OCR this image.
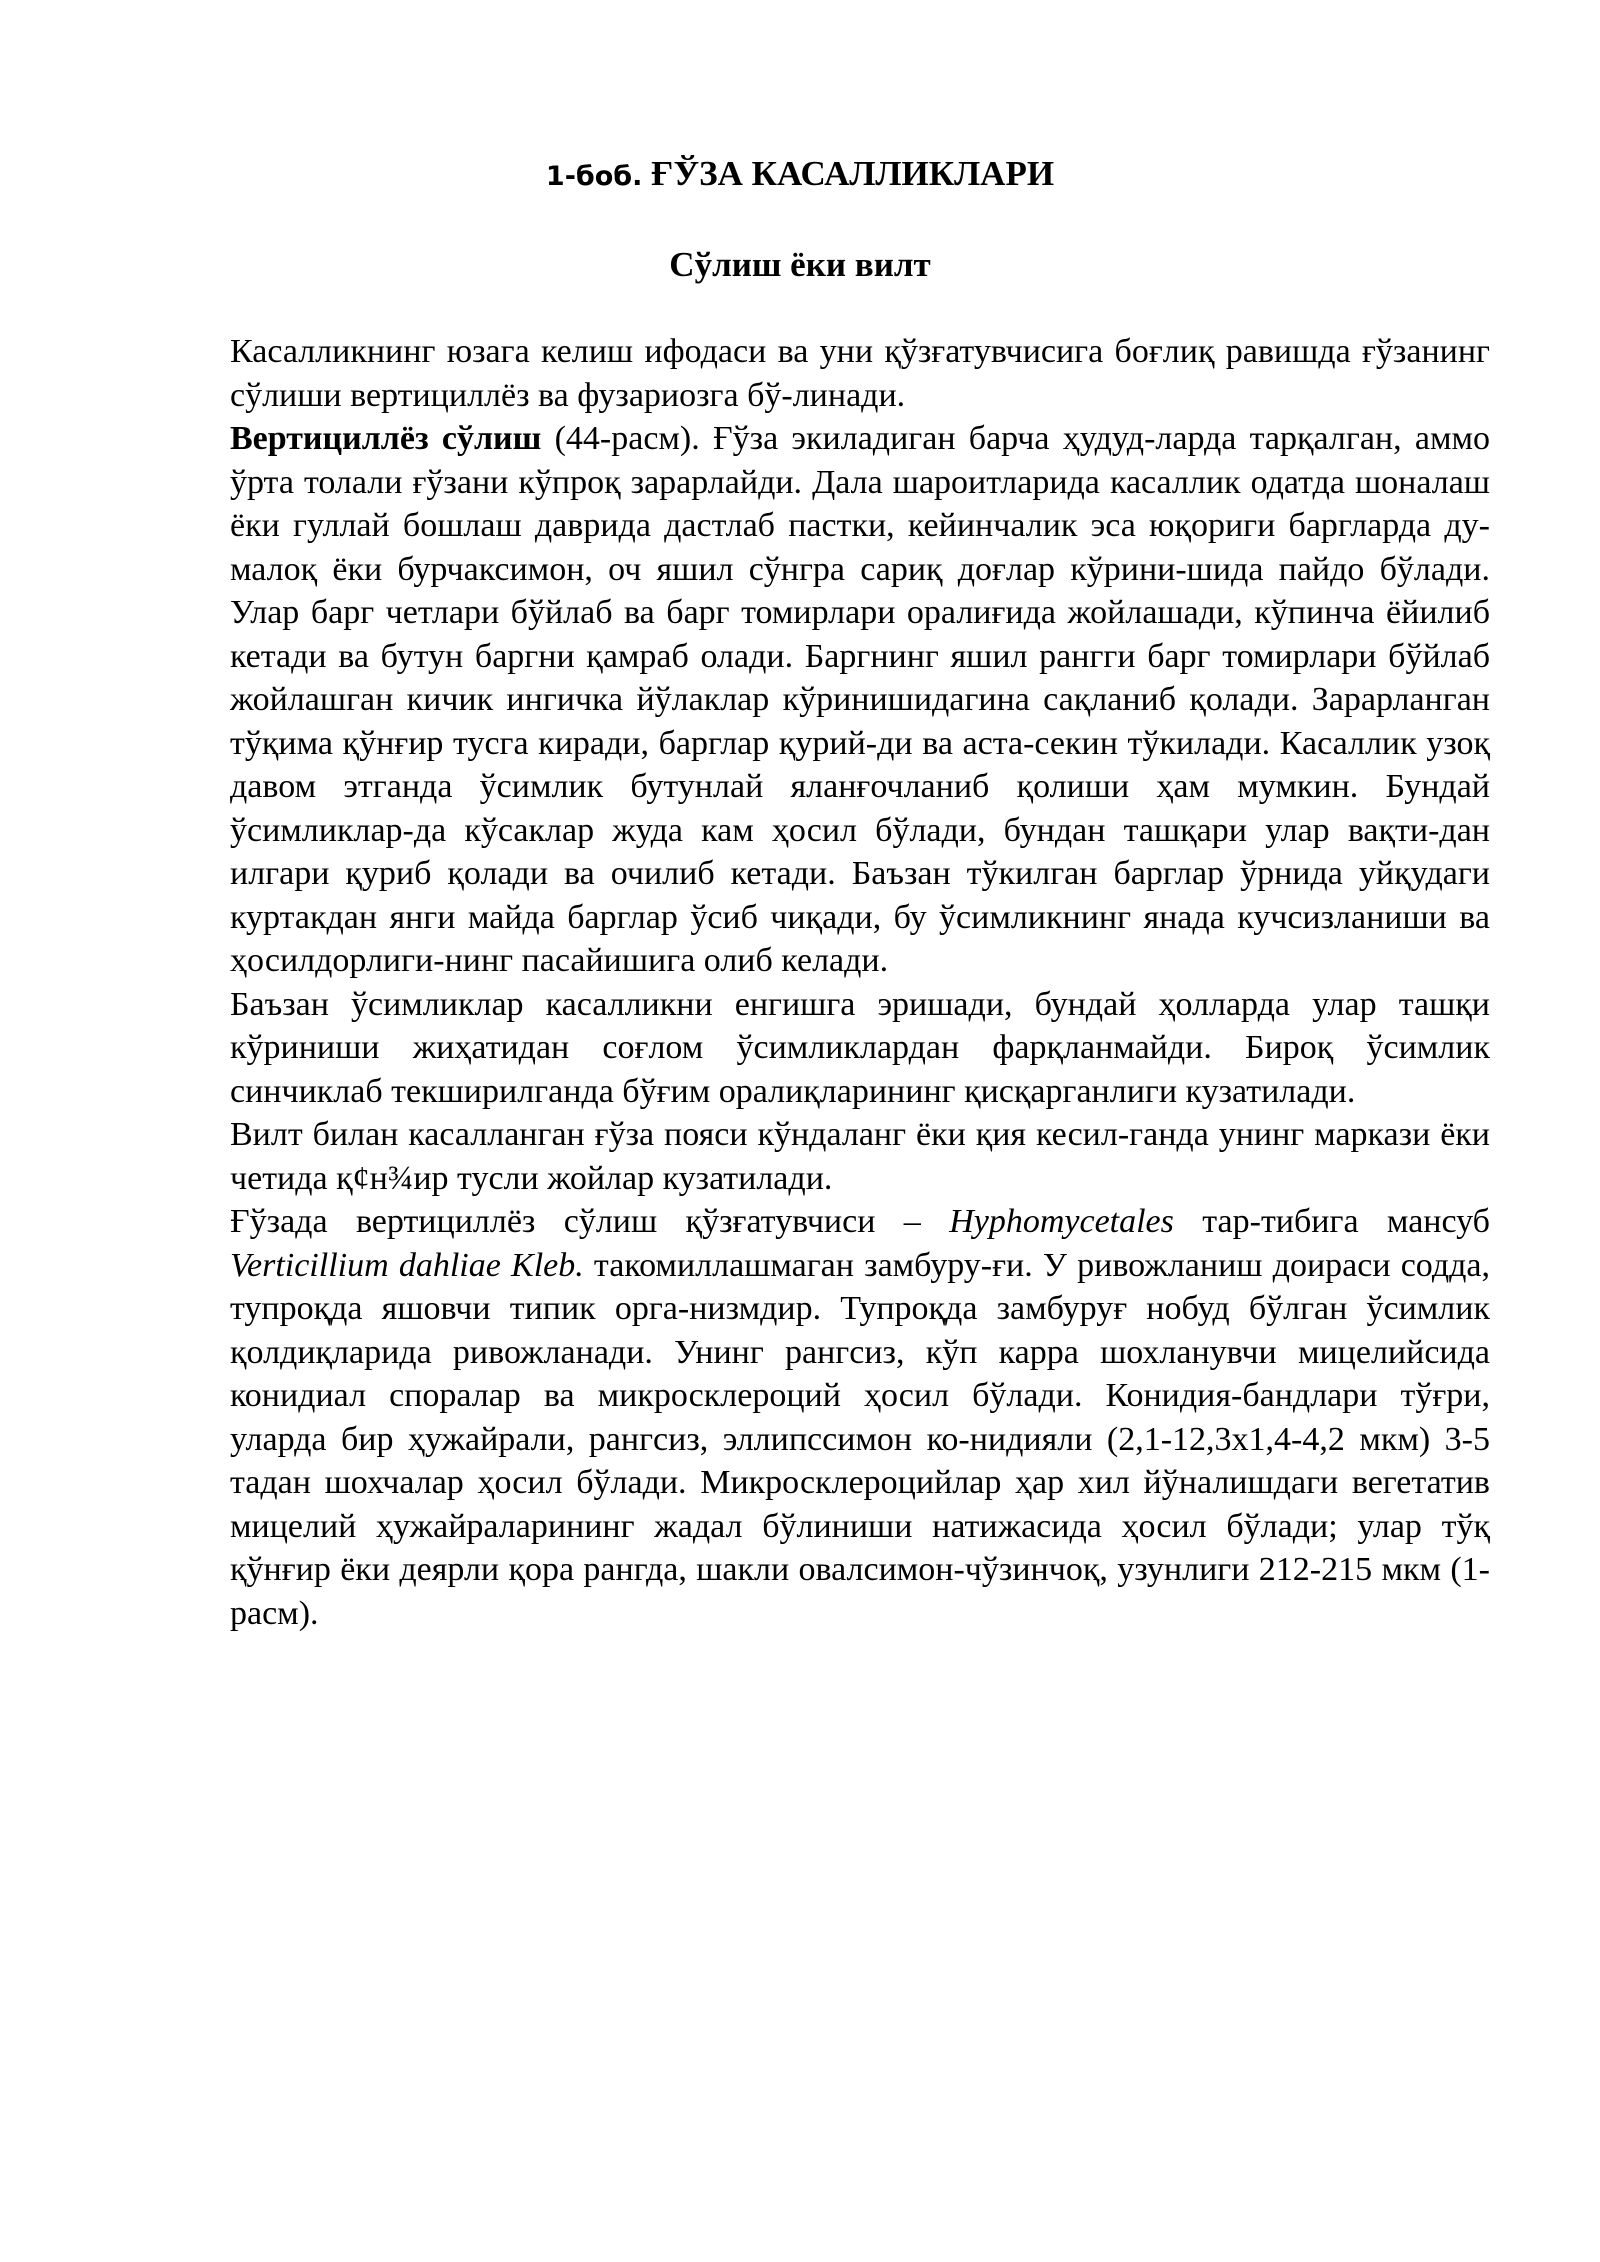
1-боб. ҒЎЗА КАСАЛЛИКЛАРИ
Сўлиш ёки вилт

Касалликнинг юзага келиш ифодаси ва уни қўзғатувчисига боғлиқ равишда ғўзанинг сўлиши вертициллёз ва фузариозга бў-линади.

Вертициллёз сўлиш (44-расм). Ғўза экиладиган барча ҳудуд-ларда тарқалган, аммо ўрта толали ғўзани кўпроқ зарарлайди. Дала шароитларида касаллик одатда шоналаш ёки гуллай бошлаш даврида дастлаб пастки, кейинчалик эса юқориги баргларда ду-малоқ ёки бурчаксимон, оч яшил сўнгра сариқ доғлар кўрини-шида пайдо бўлади. Улар барг четлари бўйлаб ва барг томирлари оралиғида жойлашади, кўпинча ёйилиб кетади ва бутун баргни қамраб олади. Баргнинг яшил рангги барг томирлари бўйлаб жойлашган кичик ингичка йўлаклар кўринишидагина сақланиб қолади. Зарарланган тўқима қўнғир тусга киради, барглар қурий-ди ва аста-секин тўкилади. Касаллик узоқ давом этганда ўсимлик бутунлай яланғочланиб қолиши ҳам мумкин. Бундай ўсимликлар-да кўсаклар жуда кам ҳосил бўлади, бундан ташқари улар вақти-дан илгари қуриб қолади ва очилиб кетади. Баъзан тўкилган барглар ўрнида уйқудаги куртакдан янги майда барглар ўсиб чиқади, бу ўсимликнинг янада кучсизланиши ва ҳосилдорлиги-нинг пасайишига олиб келади.

Баъзан ўсимликлар касалликни енгишга эришади, бундай ҳолларда улар ташқи кўриниши жиҳатидан соғлом ўсимликлардан фарқланмайди. Бироқ ўсимлик синчиклаб текширилганда бўғим оралиқларининг қисқарганлиги кузатилади.

Вилт билан касалланган ғўза пояси кўндаланг ёки қия кесил-ганда унинг маркази ёки четида қ¢н¾ир тусли жойлар кузатилади.

Ғўзада вертициллёз сўлиш қўзғатувчиси – Hyphomycetales тар-тибига мансуб Verticillium dahliae Kleb. такомиллашмаган замбуру-ғи. У ривожланиш доираси содда, тупроқда яшовчи типик орга-низмдир. Тупроқда замбуруғ нобуд бўлган ўсимлик қолдиқларида ривожланади. Унинг рангсиз, кўп карра шохланувчи мицелийсида конидиал споралар ва микросклероций ҳосил бўлади. Конидия-бандлари тўғри, уларда бир ҳужайрали, рангсиз, эллипссимон ко-нидияли (2,1-12,3х1,4-4,2 мкм) 3-5 тадан шохчалар ҳосил бўлади. Микросклероцийлар ҳар хил йўналишдаги вегетатив мицелий ҳужайраларининг жадал бўлиниши натижасида ҳосил бўлади; улар тўқ қўнғир ёки деярли қора рангда, шакли овалсимон-чўзинчоқ, узунлиги 212-215 мкм (1-расм).
